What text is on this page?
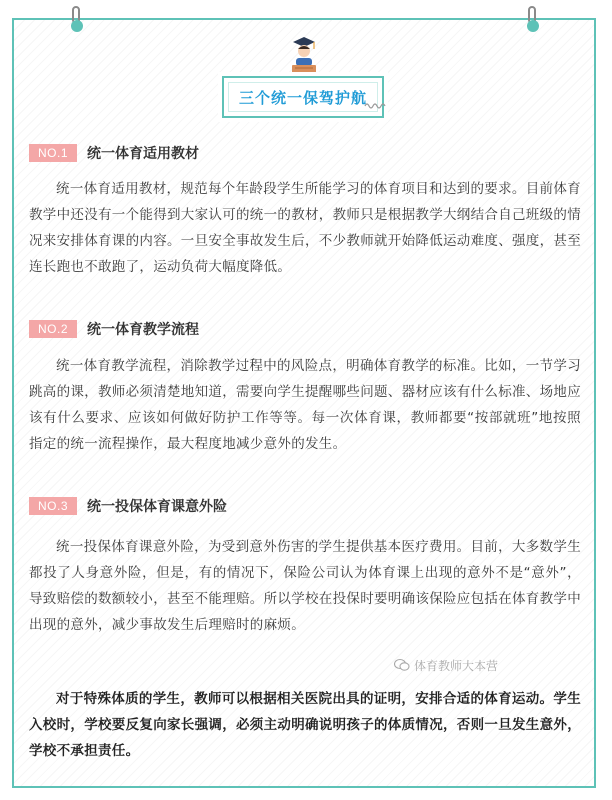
三个统一保驾护航
NO.1	统一体育适用教材

统一体育适用教材，规范每个年龄段学生所能学习的体育项目和达到的要求。目前体育教学中还没有一个能得到大家认可的统一的教材，教师只是根据教学大纲结合自己班级的情况来安排体育课的内容。一旦安全事故发生后，不少教师就开始降低运动难度、强度，甚至连长跑也不敢跑了，运动负荷大幅度降低。

NO.2	统一体育教学流程

统一体育教学流程，消除教学过程中的风险点，明确体育教学的标准。比如，一节学习跳高的课，教师必须清楚地知道，需要向学生提醒哪些问题、器材应该有什么标准、场地应该有什么要求、应该如何做好防护工作等等。每一次体育课，教师都要“按部就班”地按照指定的统一流程操作，最大程度地减少意外的发生。

NO.3	统一投保体育课意外险

统一投保体育课意外险，为受到意外伤害的学生提供基本医疗费用。目前，大多数学生都投了人身意外险，但是，有的情况下，保险公司认为体育课上出现的意外不是“意外”，导致赔偿的数额较小，甚至不能理赔。所以学校在投保时要明确该保险应包括在体育教学中出现的意外，减少事故发生后理赔时的麻烦。

对于特殊体质的学生，教师可以根据相关医院出具的证明，安排合适的体育运动。学生入校时，学校要反复向家长强调，必须主动明确说明孩子的体质情况，否则一旦发生意外，学校不承担责任。

体育教师大本营
